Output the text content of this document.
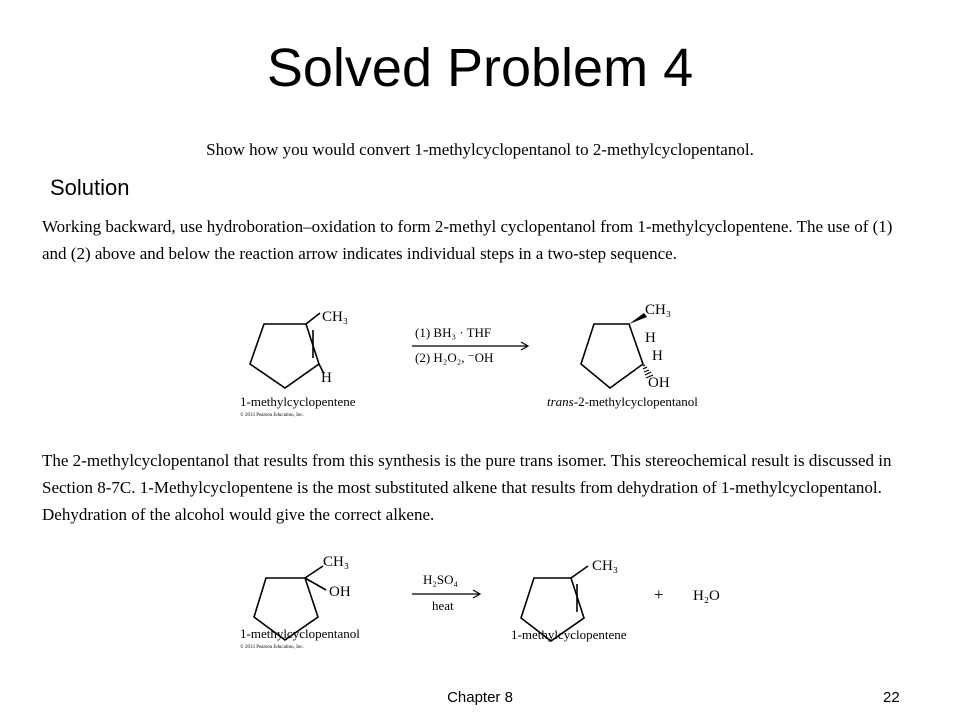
Solved Problem 4
Show how you would convert 1-methylcyclopentanol to 2-methylcyclopentanol.
Solution
Working backward, use hydroboration–oxidation to form 2-methyl cyclopentanol from 1-methylcyclopentene. The use of (1) and (2) above and below the reaction arrow indicates individual steps in a two-step sequence.
CH₃
H
1-methylcyclopentene
© 2013 Pearson Education, Inc.
(1) BH₃ · THF
(2) H₂O₂, ⁻OH
CH₃
H
H
OH
trans-2-methylcyclopentanol
The 2-methylcyclopentanol that results from this synthesis is the pure trans isomer. This stereochemical result is discussed in Section 8-7C. 1-Methylcyclopentene is the most substituted alkene that results from dehydration of 1-methylcyclopentanol. Dehydration of the alcohol would give the correct alkene.
CH₃
OH
1-methylcyclopentanol
© 2013 Pearson Education, Inc.
H₂SO₄
heat
CH₃
1-methylcyclopentene
+ H₂O
Chapter 8	22
